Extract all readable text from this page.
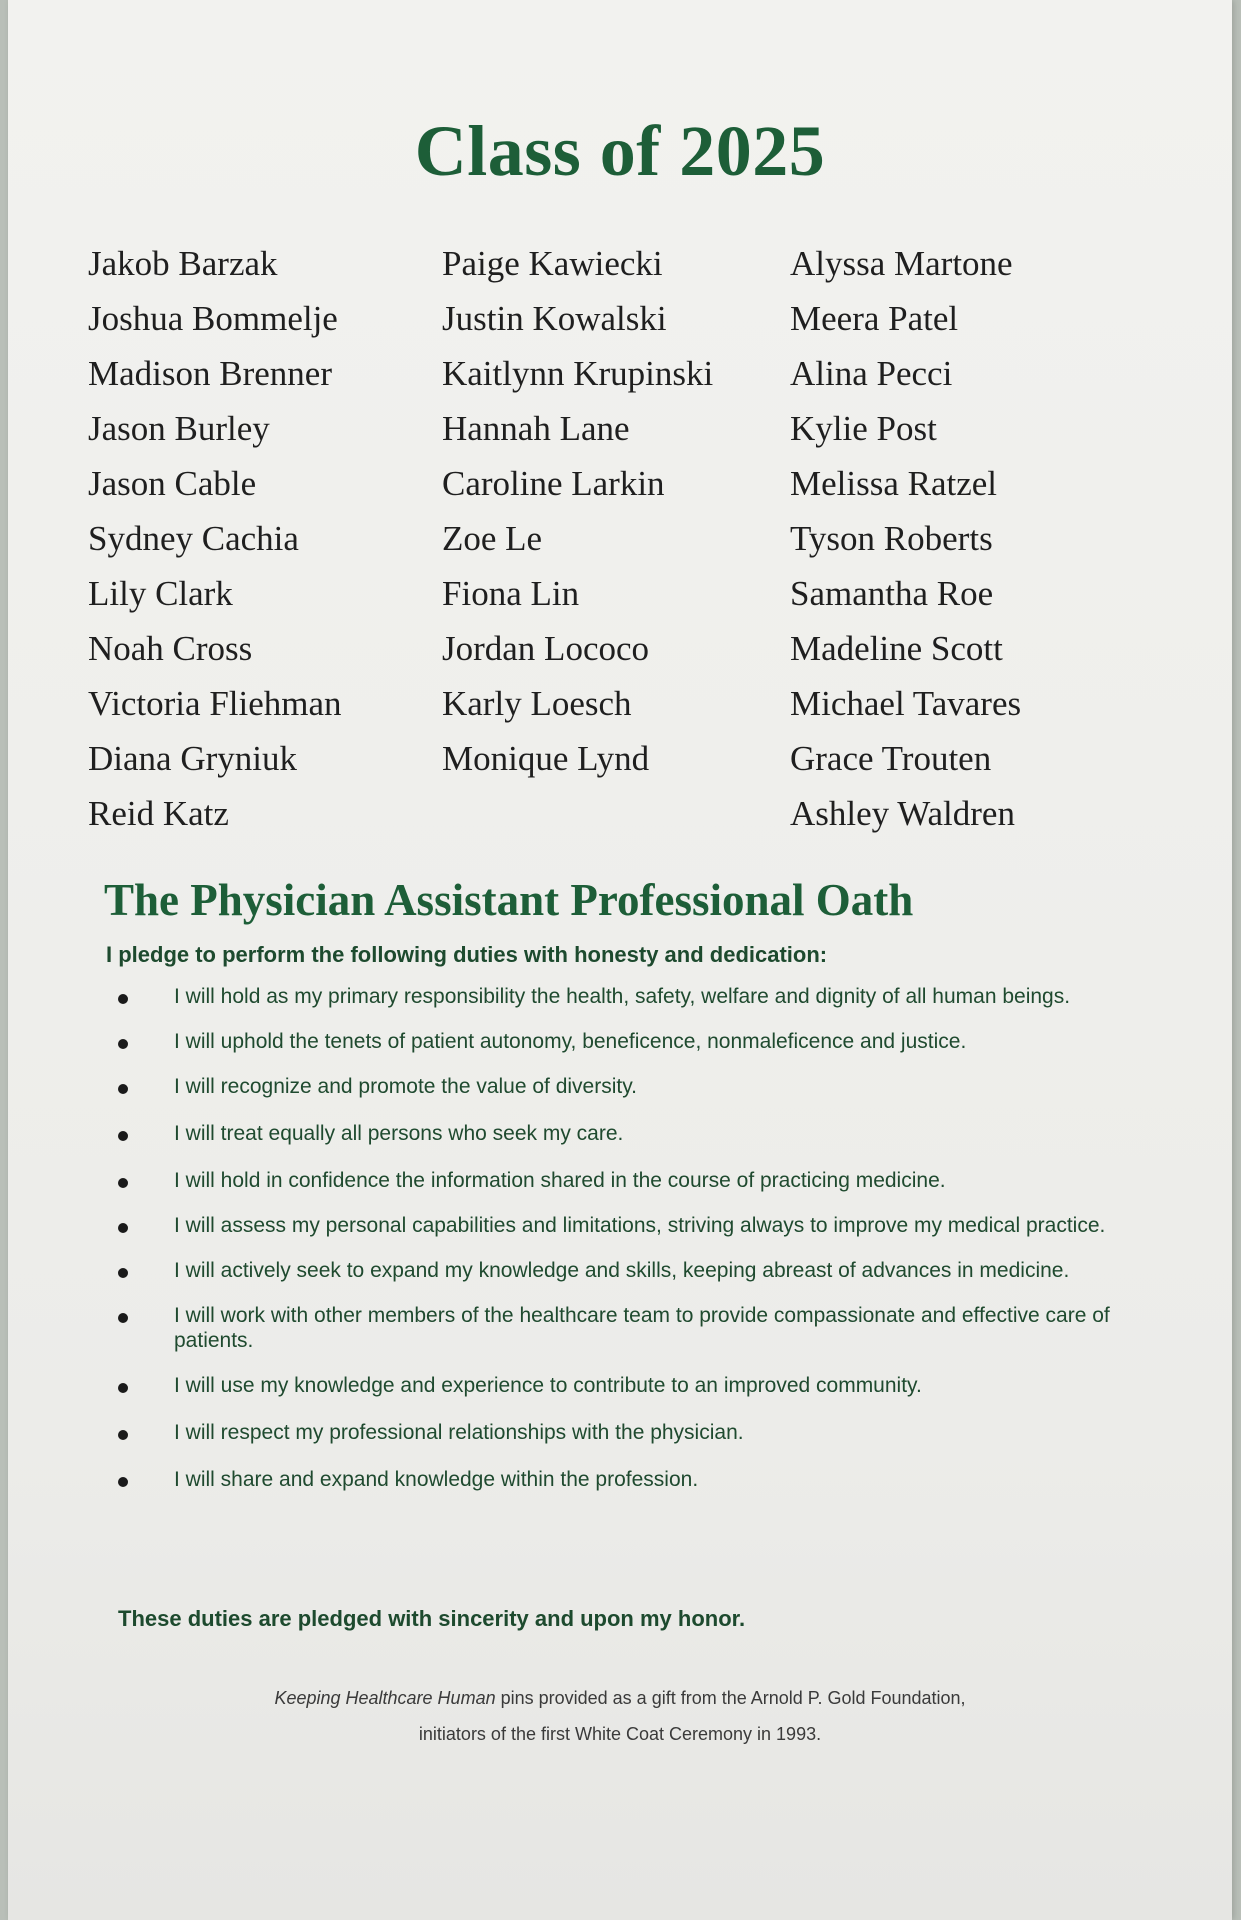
Class of 2025
Jakob Barzak
Joshua Bommelje
Madison Brenner
Jason Burley
Jason Cable
Sydney Cachia
Lily Clark
Noah Cross
Victoria Fliehman
Diana Gryniuk
Reid Katz
Paige Kawiecki
Justin Kowalski
Kaitlynn Krupinski
Hannah Lane
Caroline Larkin
Zoe Le
Fiona Lin
Jordan Lococo
Karly Loesch
Monique Lynd
Alyssa Martone
Meera Patel
Alina Pecci
Kylie Post
Melissa Ratzel
Tyson Roberts
Samantha Roe
Madeline Scott
Michael Tavares
Grace Trouten
Ashley Waldren
The Physician Assistant Professional Oath

I pledge to perform the following duties with honesty and dedication:

I will hold as my primary responsibility the health, safety, welfare and dignity of all human beings.
I will uphold the tenets of patient autonomy, beneficence, nonmaleficence and justice.
I will recognize and promote the value of diversity.
I will treat equally all persons who seek my care.
I will hold in confidence the information shared in the course of practicing medicine.
I will assess my personal capabilities and limitations, striving always to improve my medical practice.
I will actively seek to expand my knowledge and skills, keeping abreast of advances in medicine.
I will work with other members of the healthcare team to provide compassionate and effective care of patients.
I will use my knowledge and experience to contribute to an improved community.
I will respect my professional relationships with the physician.
I will share and expand knowledge within the profession.

These duties are pledged with sincerity and upon my honor.

Keeping Healthcare Human pins provided as a gift from the Arnold P. Gold Foundation,
initiators of the first White Coat Ceremony in 1993.
